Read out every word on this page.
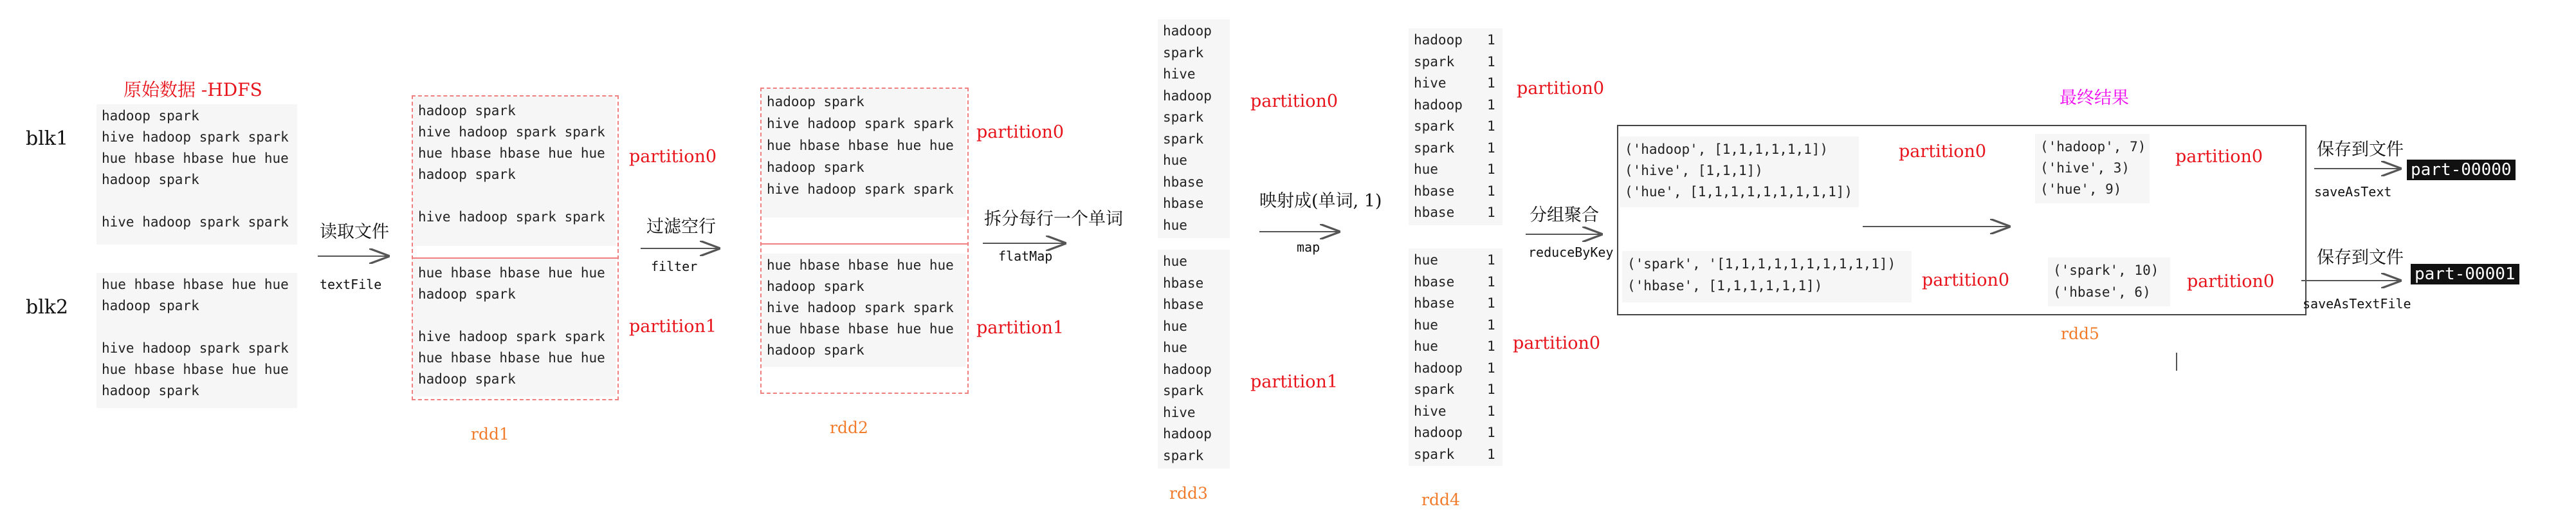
原始数据 -HDFS
blk1
blk2
hadoop spark
hive hadoop spark spark
hue hbase hbase hue hue
hadoop spark
hive hadoop spark spark
hue hbase hbase hue hue
hadoop spark
hive hadoop spark spark
hue hbase hbase hue hue
hadoop spark
读取文件
textFile
hadoop spark
hive hadoop spark spark
hue hbase hbase hue hue
hadoop spark
hive hadoop spark spark
hue hbase hbase hue hue
hadoop spark
hive hadoop spark spark
hue hbase hbase hue hue
hadoop spark
partition0
partition1
rdd1
过滤空行
filter
hadoop spark
hive hadoop spark spark
hue hbase hbase hue hue
hadoop spark
hive hadoop spark spark
hue hbase hbase hue hue
hadoop spark
hive hadoop spark spark
hue hbase hbase hue hue
hadoop spark
partition0
partition1
rdd2
拆分每行一个单词
flatMap
hadoop
spark
hive
hadoop
spark
spark
hue
hbase
hbase
hue
hue
hbase
hbase
hue
hue
hadoop
spark
hive
hadoop
spark
partition0
partition1
rdd3
映射成(单词, 1)
map
hadoop 1
spark 1
hive	1
hadoop 1
spark 1
spark 1
hue	1
hbase 1
hbase 1
hue	1
hbase 1
hbase 1
hue	1
hue	1
hadoop 1
spark 1
hive	1
hadoop 1
spark 1
partition0
partition0
rdd4
分组聚合
reduceByKey
('hadoop', [1,1,1,1,1,1])
('hive', [1,1,1])
('hue', [1,1,1,1,1,1,1,1,1])
('spark', '[1,1,1,1,1,1,1,1,1,1])
('hbase', [1,1,1,1,1,1])
partition0
partition0
('hadoop', 7)
('hive', 3)
('hue', 9)
('spark', 10)
('hbase', 6)
partition0
partition0
最终结果
rdd5
保存到文件
saveAsText
part-00000
保存到文件
saveAsTextFile
part-00001
